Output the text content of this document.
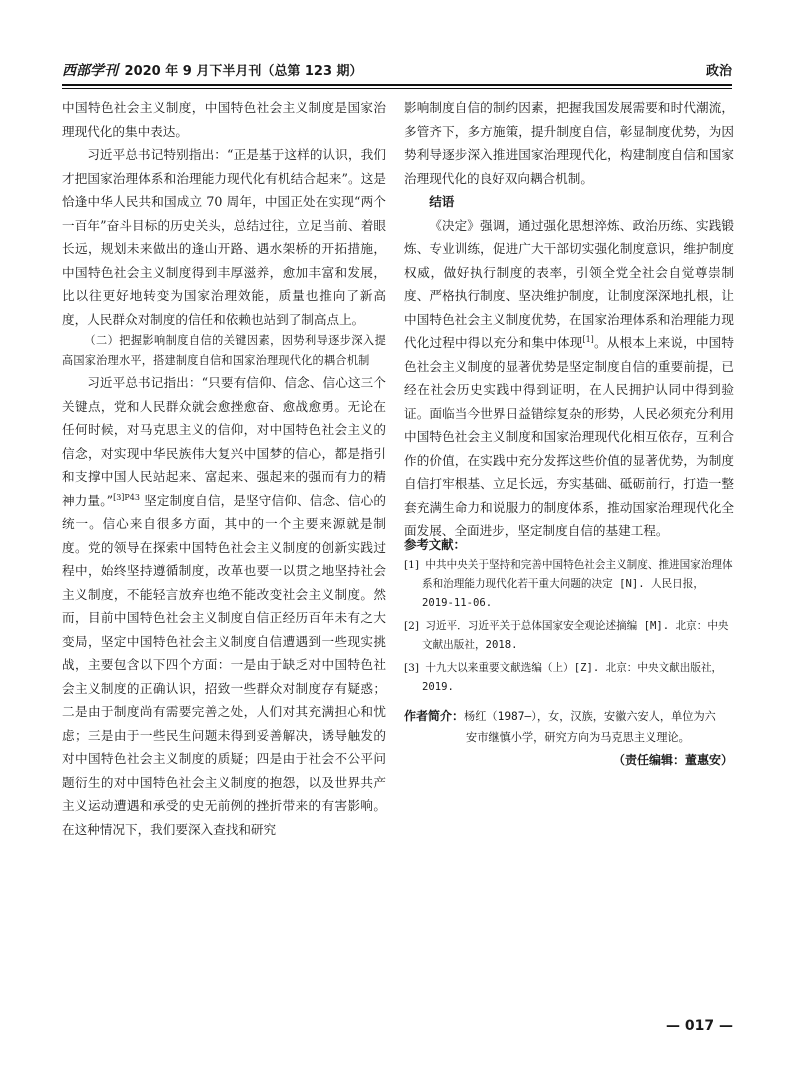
西部学刊 2020 年 9 月下半月刊（总第 123 期）	政治

中国特色社会主义制度，中国特色社会主义制度是国家治理现代化的集中表达。

习近平总书记特别指出：“正是基于这样的认识，我们才把国家治理体系和治理能力现代化有机结合起来”。这是恰逢中华人民共和国成立 70 周年，中国正处在实现“两个一百年”奋斗目标的历史关头，总结过往，立足当前、着眼长远，规划未来做出的逢山开路、遇水架桥的开拓措施，中国特色社会主义制度得到丰厚滋养，愈加丰富和发展，比以往更好地转变为国家治理效能，质量也推向了新高度，人民群众对制度的信任和依赖也站到了制高点上。

（二）把握影响制度自信的关键因素，因势利导逐步深入提高国家治理水平，搭建制度自信和国家治理现代化的耦合机制

习近平总书记指出：“只要有信仰、信念、信心这三个关键点，党和人民群众就会愈挫愈奋、愈战愈勇。无论在任何时候，对马克思主义的信仰，对中国特色社会主义的信念，对实现中华民族伟大复兴中国梦的信心，都是指引和支撑中国人民站起来、富起来、强起来的强而有力的精神力量。”$^{[3]P43}$ 坚定制度自信，是坚守信仰、信念、信心的统一。信心来自很多方面，其中的一个主要来源就是制度。党的领导在探索中国特色社会主义制度的创新实践过程中，始终坚持遵循制度，改革也要一以贯之地坚持社会主义制度，不能轻言放弃也绝不能改变社会主义制度。然而，目前中国特色社会主义制度自信正经历百年未有之大变局，坚定中国特色社会主义制度自信遭遇到一些现实挑战，主要包含以下四个方面：一是由于缺乏对中国特色社会主义制度的正确认识，招致一些群众对制度存有疑惑；二是由于制度尚有需要完善之处，人们对其充满担心和忧虑；三是由于一些民生问题未得到妥善解决，诱导触发的对中国特色社会主义制度的质疑；四是由于社会不公平问题衍生的对中国特色社会主义制度的抱怨，以及世界共产主义运动遭遇和承受的史无前例的挫折带来的有害影响。在这种情况下，我们要深入查找和研究

影响制度自信的制约因素，把握我国发展需要和时代潮流，多管齐下，多方施策，提升制度自信，彰显制度优势，为因势利导逐步深入推进国家治理现代化，构建制度自信和国家治理现代化的良好双向耦合机制。

结语

《决定》强调，通过强化思想淬炼、政治历练、实践锻炼、专业训练，促进广大干部切实强化制度意识，维护制度权威，做好执行制度的表率，引领全党全社会自觉尊崇制度、严格执行制度、坚决维护制度，让制度深深地扎根，让中国特色社会主义制度优势，在国家治理体系和治理能力现代化过程中得以充分和集中体现[1]。从根本上来说，中国特色社会主义制度的显著优势是坚定制度自信的重要前提，已经在社会历史实践中得到证明，在人民拥护认同中得到验证。面临当今世界日益错综复杂的形势，人民必须充分利用中国特色社会主义制度和国家治理现代化相互依存，互利合作的价值，在实践中充分发挥这些价值的显著优势，为制度自信打牢根基、立足长远，夯实基础、砥砺前行，打造一整套充满生命力和说服力的制度体系，推动国家治理现代化全面发展、全面进步，坚定制度自信的基建工程。

参考文献：
[1] 中共中央关于坚持和完善中国特色社会主义制度、推进国家治理体系和治理能力现代化若干重大问题的决定 [N]. 人民日报，2019-11-06.
[2] 习近平．习近平关于总体国家安全观论述摘编 [M]. 北京：中央文献出版社，2018.
[3] 十九大以来重要文献选编（上）[Z]. 北京：中央文献出版社，2019.
作者简介：杨红（1987—），女，汉族，安徽六安人，单位为六
安市继慎小学，研究方向为马克思主义理论。
（责任编辑：董惠安）
— 017 —
